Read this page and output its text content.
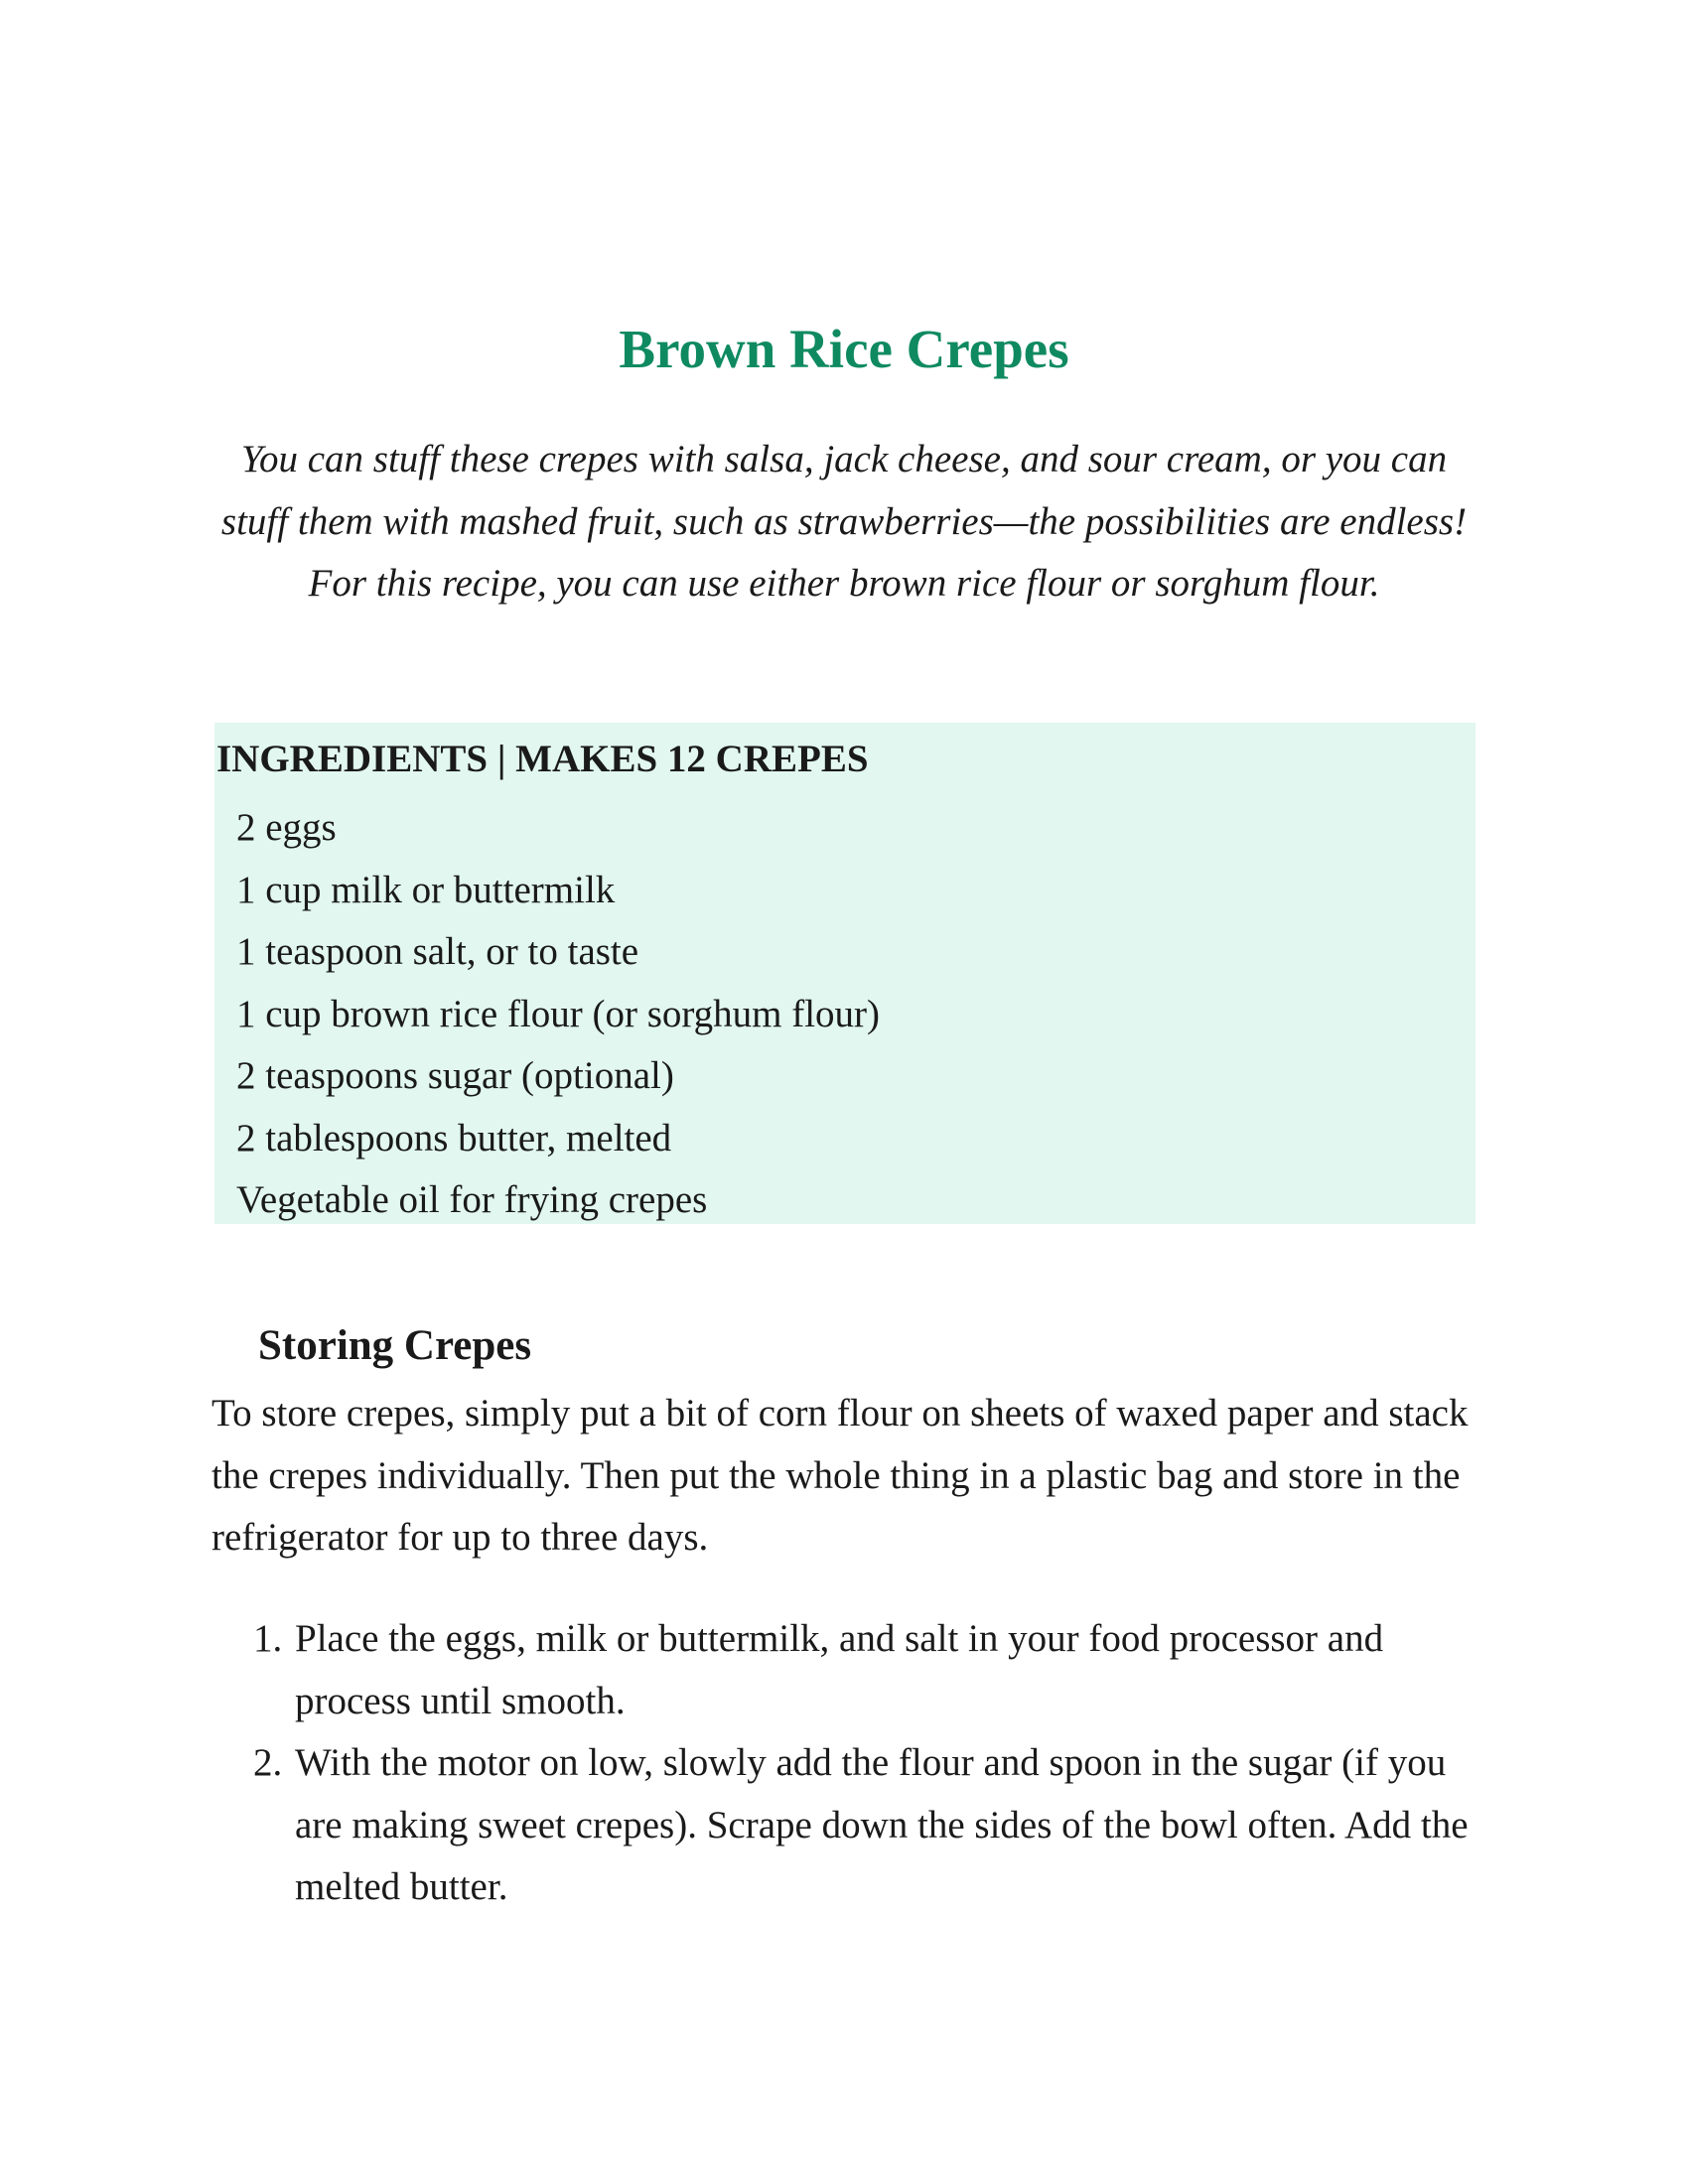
Brown Rice Crepes

You can stuff these crepes with salsa, jack cheese, and sour cream, or you can stuff them with mashed fruit, such as strawberries—the possibilities are endless! For this recipe, you can use either brown rice flour or sorghum flour.

INGREDIENTS | MAKES 12 CREPES
2 eggs
1 cup milk or buttermilk
1 teaspoon salt, or to taste
1 cup brown rice flour (or sorghum flour)
2 teaspoons sugar (optional)
2 tablespoons butter, melted
Vegetable oil for frying crepes
Storing Crepes

To store crepes, simply put a bit of corn flour on sheets of waxed paper and stack the crepes individually. Then put the whole thing in a plastic bag and store in the refrigerator for up to three days.

1. Place the eggs, milk or buttermilk, and salt in your food processor and process until smooth.
2. With the motor on low, slowly add the flour and spoon in the sugar (if you are making sweet crepes). Scrape down the sides of the bowl often. Add the melted butter.
